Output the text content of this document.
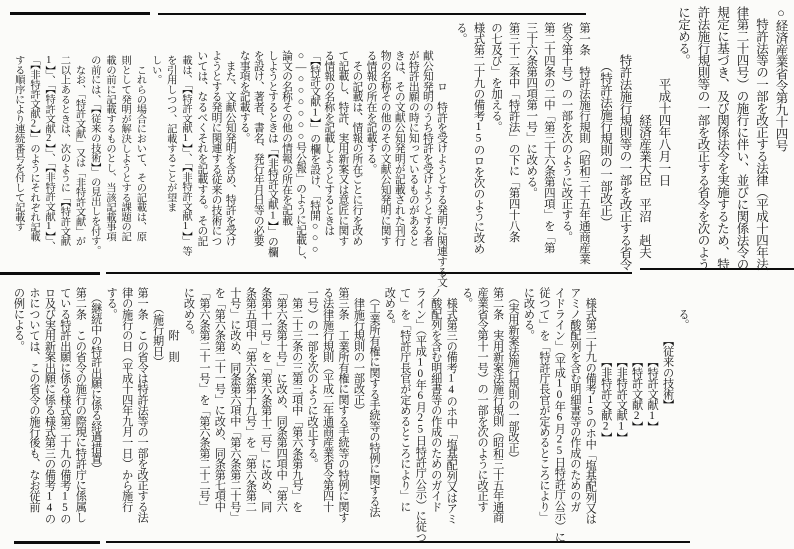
○経済産業省令第九十四号
　特許法等の一部を改正する法律（平成十四年法
律第二十四号）の施行に伴い、並びに関係法令の
規定に基づき、及び関係法令を実施するため、特
許法施行規則等の一部を改正する省令を次のよう
に定める。
　　　　　　平成十四年八月一日
　　　　　　　　　経済産業大臣　平沼　赳夫
　　　　特許法施行規則等の一部を改正する省令
　　　　　（特許法施行規則の一部改正）
第一条　特許法施行規則（昭和三十五年通商産業
省令第十号）の一部を次のように改正する。
第二十四条の二中「第三十六条第四項」を「第
三十六条第四項第一号」に改める。
第三十二条中「特許法」の下に「第四十八条
の七及び」を加える。
様式第二十九の備考15のロを次のように改め
る。
　　　ロ　特許を受けようとする発明に関連する文
献公知発明のうち特許を受けようとする者
が特許出願の時に知っているものがあると
きは、その文献公知発明が記載された刊行
物の名称その他のその文献公知発明に関す
る情報の所在を記載する。
　その記載は、情報の所在ごとに行を改め
て記載し、特許、実用新案又は意匠に関す
る情報の名称を記載しようとするときは
「【特許文献1】」の欄を設け、「特開○○○
○―○○○○○○号公報」のように記載し、
論文の名称その他の情報の所在を記載
しようとするときは「【非特許文献1】」の欄
を設け、著者、書名、発行年月日等の必要
な事項を記載する。
　また、文献公知発明を含め、特許を受け
ようとする発明に関連する従来の技術につ
いては、なるべくそれを記載する。その記
載は、「【特許文献1】」、「【非特許文献1】」等
を引用しつつ、記載することが望ま
しい。
　これらの場合において、その記載は、原
則として発明が解決しようとする課題の記
載の前に記載するものとし、当該記載事項
の前には、「【従来の技術】」の見出しを付す。
　なお、「特許文献」又は「非特許文献」が
二以上あるときは、次のように「【特許文献
1】」、「【特許文献2】」、「【非特許文献1】」、
「【非特許文献2】」のようにそれぞれ記載
する順序により連続番号を付して記載す
　　る。
　　　　　【従来の技術】
　　　　　　　【特許文献1】
　　　　　　　【特許文献2】
　　　　　　　【非特許文献1】
　　　　　　　【非特許文献2】
　様式第二十九の備考15のホ中「塩基配列又は
アミノ酸配列を含む明細書等の作成のためのガ
イドライン」（平成10年6月25日特許庁公示）に
従つて」を「特許庁長官が定めるところにより」
に改める。
　（実用新案法施行規則の一部改正）
第二条　実用新案法施行規則（昭和三十五年通商
産業省令第十一号）の一部を次のように改正す
る。
　様式第三の備考14のホ中「塩基配列又はアミ
ノ酸配列を含む明細書等の作成のためのガイド
ライン」（平成10年6月25日特許庁公示）に従つ
て」を「特許庁長官が定めるところにより」に
改める。
　（工業所有権に関する手続等の特例に関する法
　律施行規則の一部改正）
第三条　工業所有権に関する手続等の特例に関す
る法律施行規則（平成二年通商産業省令第四十
一号）の一部を次のように改正する。
　第二十三条の三第三項中「第六条第九号」を
「第六条第十号」に改め、同条第四項中「第六
条第十一号」を「第六条第十二号」に改め、同
条第五項中「第六条第十九号」を「第六条第二
十号」に改め、同条第六項中「第六条第二十号」
を「第六条第二十一号」に改め、同条第七項中
「第六条第二十一号」を「第六条第二十二号」
に改める。
　　　　附　則
　　（施行期日）
第一条　この省令は特許法等の一部を改正する法
律の施行の日（平成十四年九月一日）から施行
する。
　（継続中の特許出願に係る経過措置）
第二条　この省令の施行の際現に特許庁に係属し
ている特許出願に係る様式第二十九の備考15の
ロ及び実用新案出願に係る様式第三の備考14の
ホについては、この省令の施行後も、なお従前
の例による。
